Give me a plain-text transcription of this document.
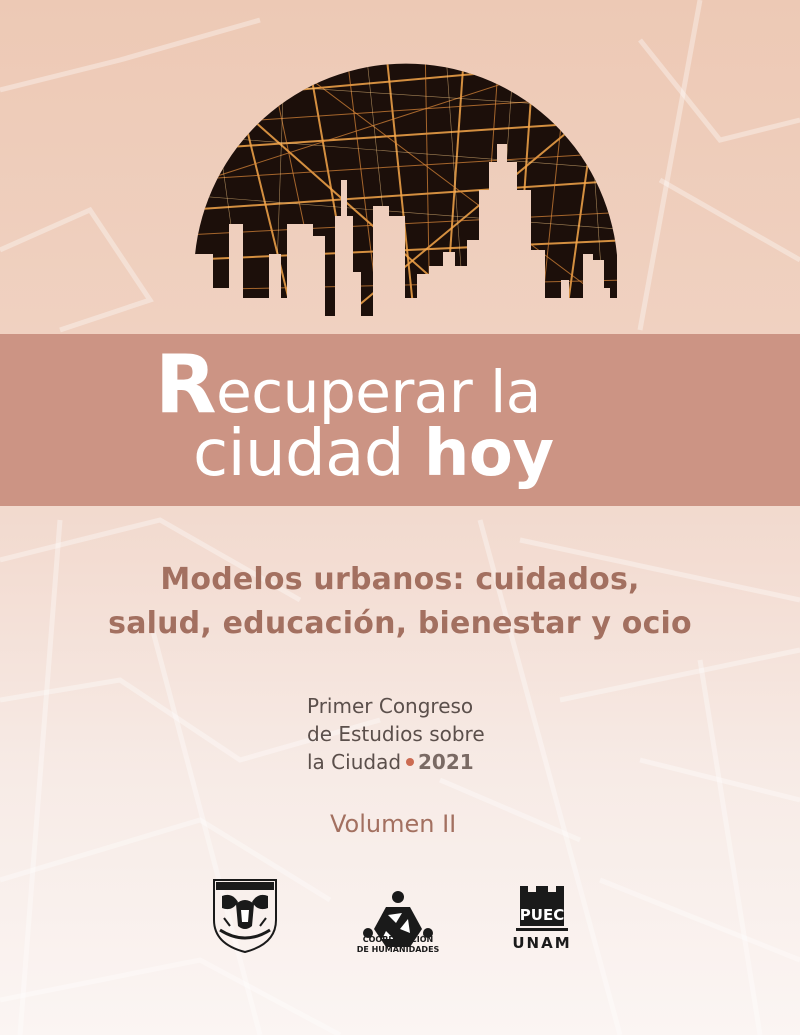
Recuperar la
ciudad hoy
Modelos urbanos: cuidados,
salud, educación, bienestar y ocio
Primer Congreso
de Estudios sobre
la Ciudad 2021
Volumen II
COORDINACIÓN
DE HUMANIDADES
PUEC
UNAM
